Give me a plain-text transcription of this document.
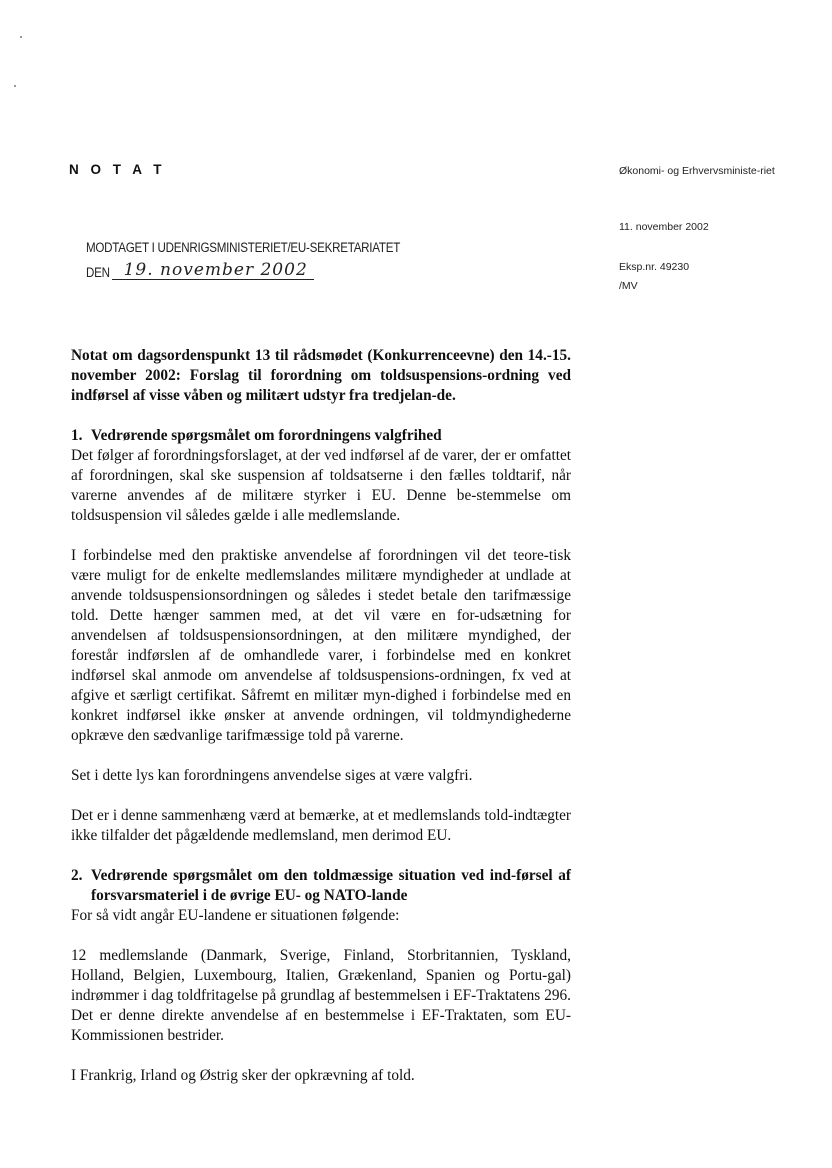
N O T A T	Økonomi- og Erhvervsministe-riet
11. november 2002
Eksp.nr. 49230
/MV
MODTAGET I UDENRIGSMINISTERIET/EU-SEKRETARIATET
DEN 19. november 2002

Notat om dagsordenspunkt 13 til rådsmødet (Konkurrenceevne) den 14.-15. november 2002: Forslag til forordning om toldsuspensions-ordning ved indførsel af visse våben og militært udstyr fra tredjelan-de.

1. Vedrørende spørgsmålet om forordningens valgfrihed

Det følger af forordningsforslaget, at der ved indførsel af de varer, der er omfattet af forordningen, skal ske suspension af toldsatserne i den fælles toldtarif, når varerne anvendes af de militære styrker i EU. Denne be-stemmelse om toldsuspension vil således gælde i alle medlemslande.

I forbindelse med den praktiske anvendelse af forordningen vil det teore-tisk være muligt for de enkelte medlemslandes militære myndigheder at undlade at anvende toldsuspensionsordningen og således i stedet betale den tarifmæssige told. Dette hænger sammen med, at det vil være en for-udsætning for anvendelsen af toldsuspensionsordningen, at den militære myndighed, der forestår indførslen af de omhandlede varer, i forbindelse med en konkret indførsel skal anmode om anvendelse af toldsuspensions-ordningen, fx ved at afgive et særligt certifikat. Såfremt en militær myn-dighed i forbindelse med en konkret indførsel ikke ønsker at anvende ordningen, vil toldmyndighederne opkræve den sædvanlige tarifmæssige told på varerne.

Set i dette lys kan forordningens anvendelse siges at være valgfri.

Det er i denne sammenhæng værd at bemærke, at et medlemslands told-indtægter ikke tilfalder det pågældende medlemsland, men derimod EU.

2. Vedrørende spørgsmålet om den toldmæssige situation ved ind-førsel af forsvarsmateriel i de øvrige EU- og NATO-lande

For så vidt angår EU-landene er situationen følgende:

12 medlemslande (Danmark, Sverige, Finland, Storbritannien, Tyskland, Holland, Belgien, Luxembourg, Italien, Grækenland, Spanien og Portu-gal) indrømmer i dag toldfritagelse på grundlag af bestemmelsen i EF-Traktatens 296. Det er denne direkte anvendelse af en bestemmelse i EF-Traktaten, som EU-Kommissionen bestrider.

I Frankrig, Irland og Østrig sker der opkrævning af told.
